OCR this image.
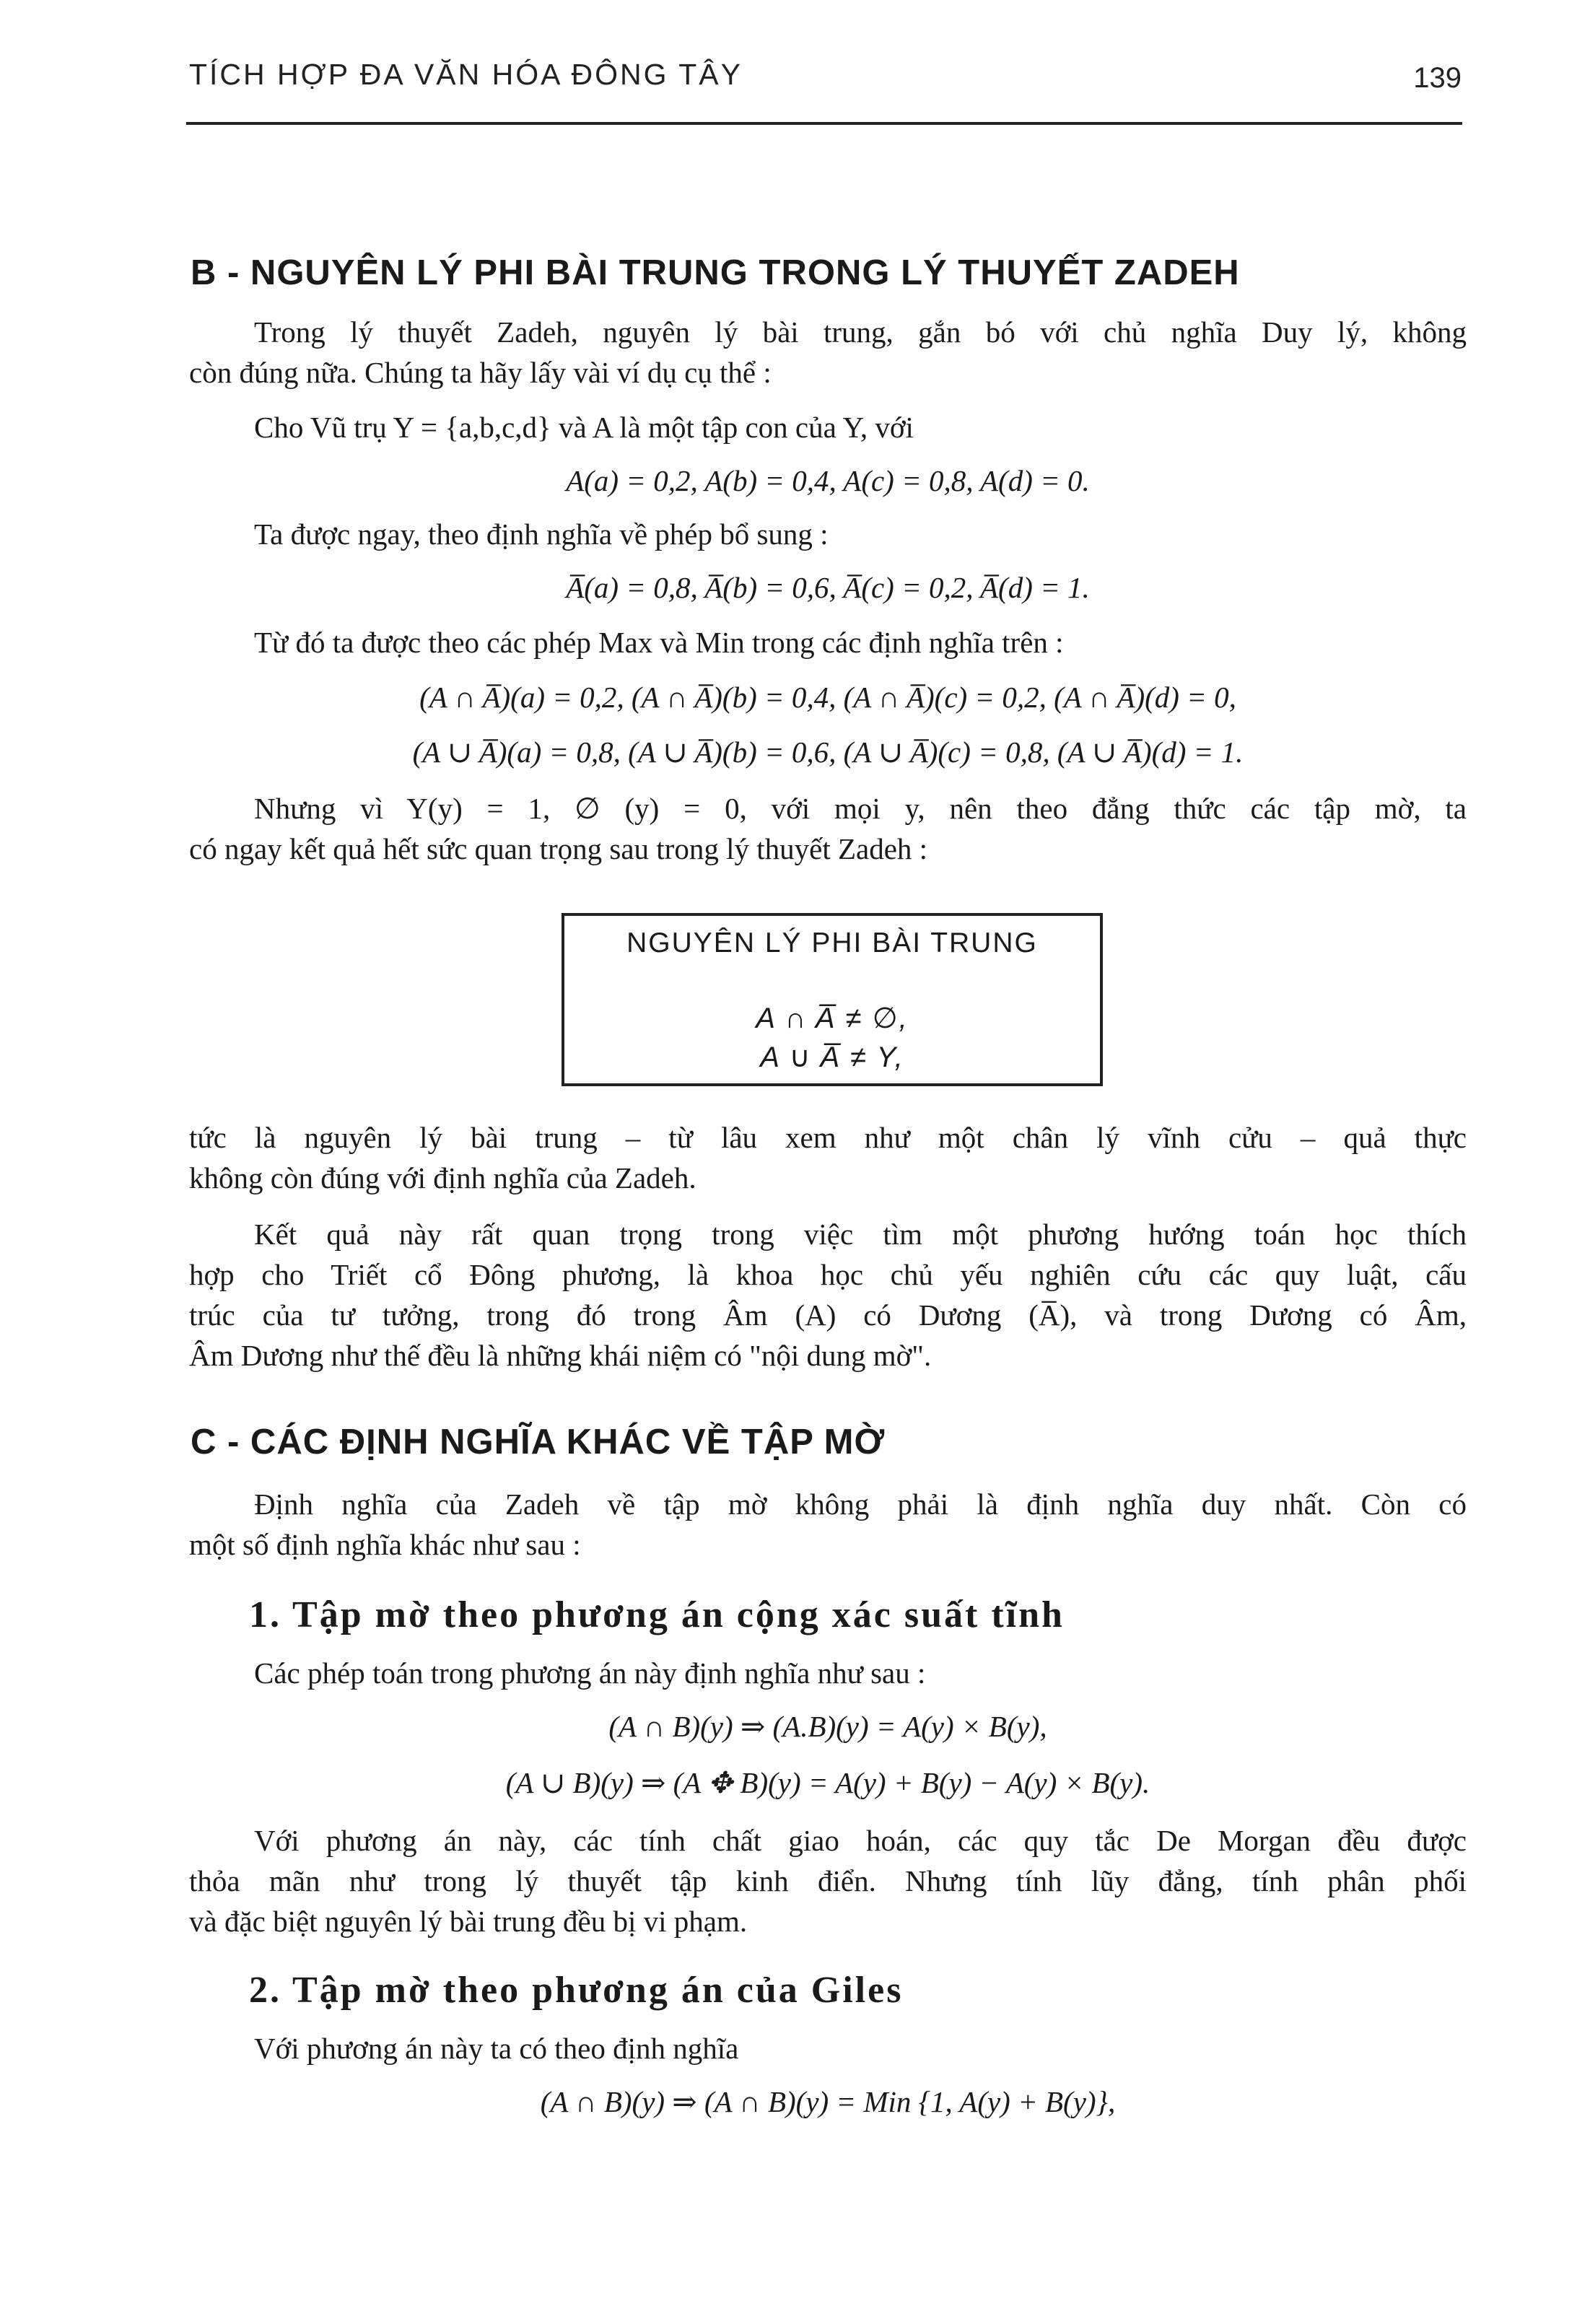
TÍCH HỢP ĐA VĂN HÓA ĐÔNG TÂY	139
B - NGUYÊN LÝ PHI BÀI TRUNG TRONG LÝ THUYẾT ZADEH
Trong lý thuyết Zadeh, nguyên lý bài trung, gắn bó với chủ nghĩa Duy lý, không
còn đúng nữa. Chúng ta hãy lấy vài ví dụ cụ thể :
Cho Vũ trụ Y = {a,b,c,d} và A là một tập con của Y, với
A(a) = 0,2, A(b) = 0,4, A(c) = 0,8, A(d) = 0.
Ta được ngay, theo định nghĩa về phép bổ sung :
A̅(a) = 0,8, A̅(b) = 0,6, A̅(c) = 0,2, A̅(d) = 1.
Từ đó ta được theo các phép Max và Min trong các định nghĩa trên :
(A ∩ A̅)(a) = 0,2, (A ∩ A̅)(b) = 0,4, (A ∩ A̅)(c) = 0,2, (A ∩ A̅)(d) = 0,
(A ∪ A̅)(a) = 0,8, (A ∪ A̅)(b) = 0,6, (A ∪ A̅)(c) = 0,8, (A ∪ A̅)(d) = 1.
Nhưng vì Y(y) = 1, ∅ (y) = 0, với mọi y, nên theo đẳng thức các tập mờ, ta
có ngay kết quả hết sức quan trọng sau trong lý thuyết Zadeh :
NGUYÊN LÝ PHI BÀI TRUNG
A ∩ A̅ ≠ ∅,
A ∪ A̅ ≠ Y,
tức là nguyên lý bài trung – từ lâu xem như một chân lý vĩnh cửu – quả thực
không còn đúng với định nghĩa của Zadeh.
Kết quả này rất quan trọng trong việc tìm một phương hướng toán học thích
hợp cho Triết cổ Đông phương, là khoa học chủ yếu nghiên cứu các quy luật, cấu
trúc của tư tưởng, trong đó trong Âm (A) có Dương (A̅), và trong Dương có Âm,
Âm Dương như thế đều là những khái niệm có "nội dung mờ".
C - CÁC ĐỊNH NGHĨA KHÁC VỀ TẬP MỜ
Định nghĩa của Zadeh về tập mờ không phải là định nghĩa duy nhất. Còn có
một số định nghĩa khác như sau :
1. Tập mờ theo phương án cộng xác suất tĩnh
Các phép toán trong phương án này định nghĩa như sau :
(A ∩ B)(y) ⇒ (A.B)(y) = A(y) × B(y),
(A ∪ B)(y) ⇒ (A ✥ B)(y) = A(y) + B(y) − A(y) × B(y).
Với phương án này, các tính chất giao hoán, các quy tắc De Morgan đều được
thỏa mãn như trong lý thuyết tập kinh điển. Nhưng tính lũy đẳng, tính phân phối
và đặc biệt nguyên lý bài trung đều bị vi phạm.
2. Tập mờ theo phương án của Giles
Với phương án này ta có theo định nghĩa
(A ∩ B)(y) ⇒ (A ∩ B)(y) = Min {1, A(y) + B(y)},
